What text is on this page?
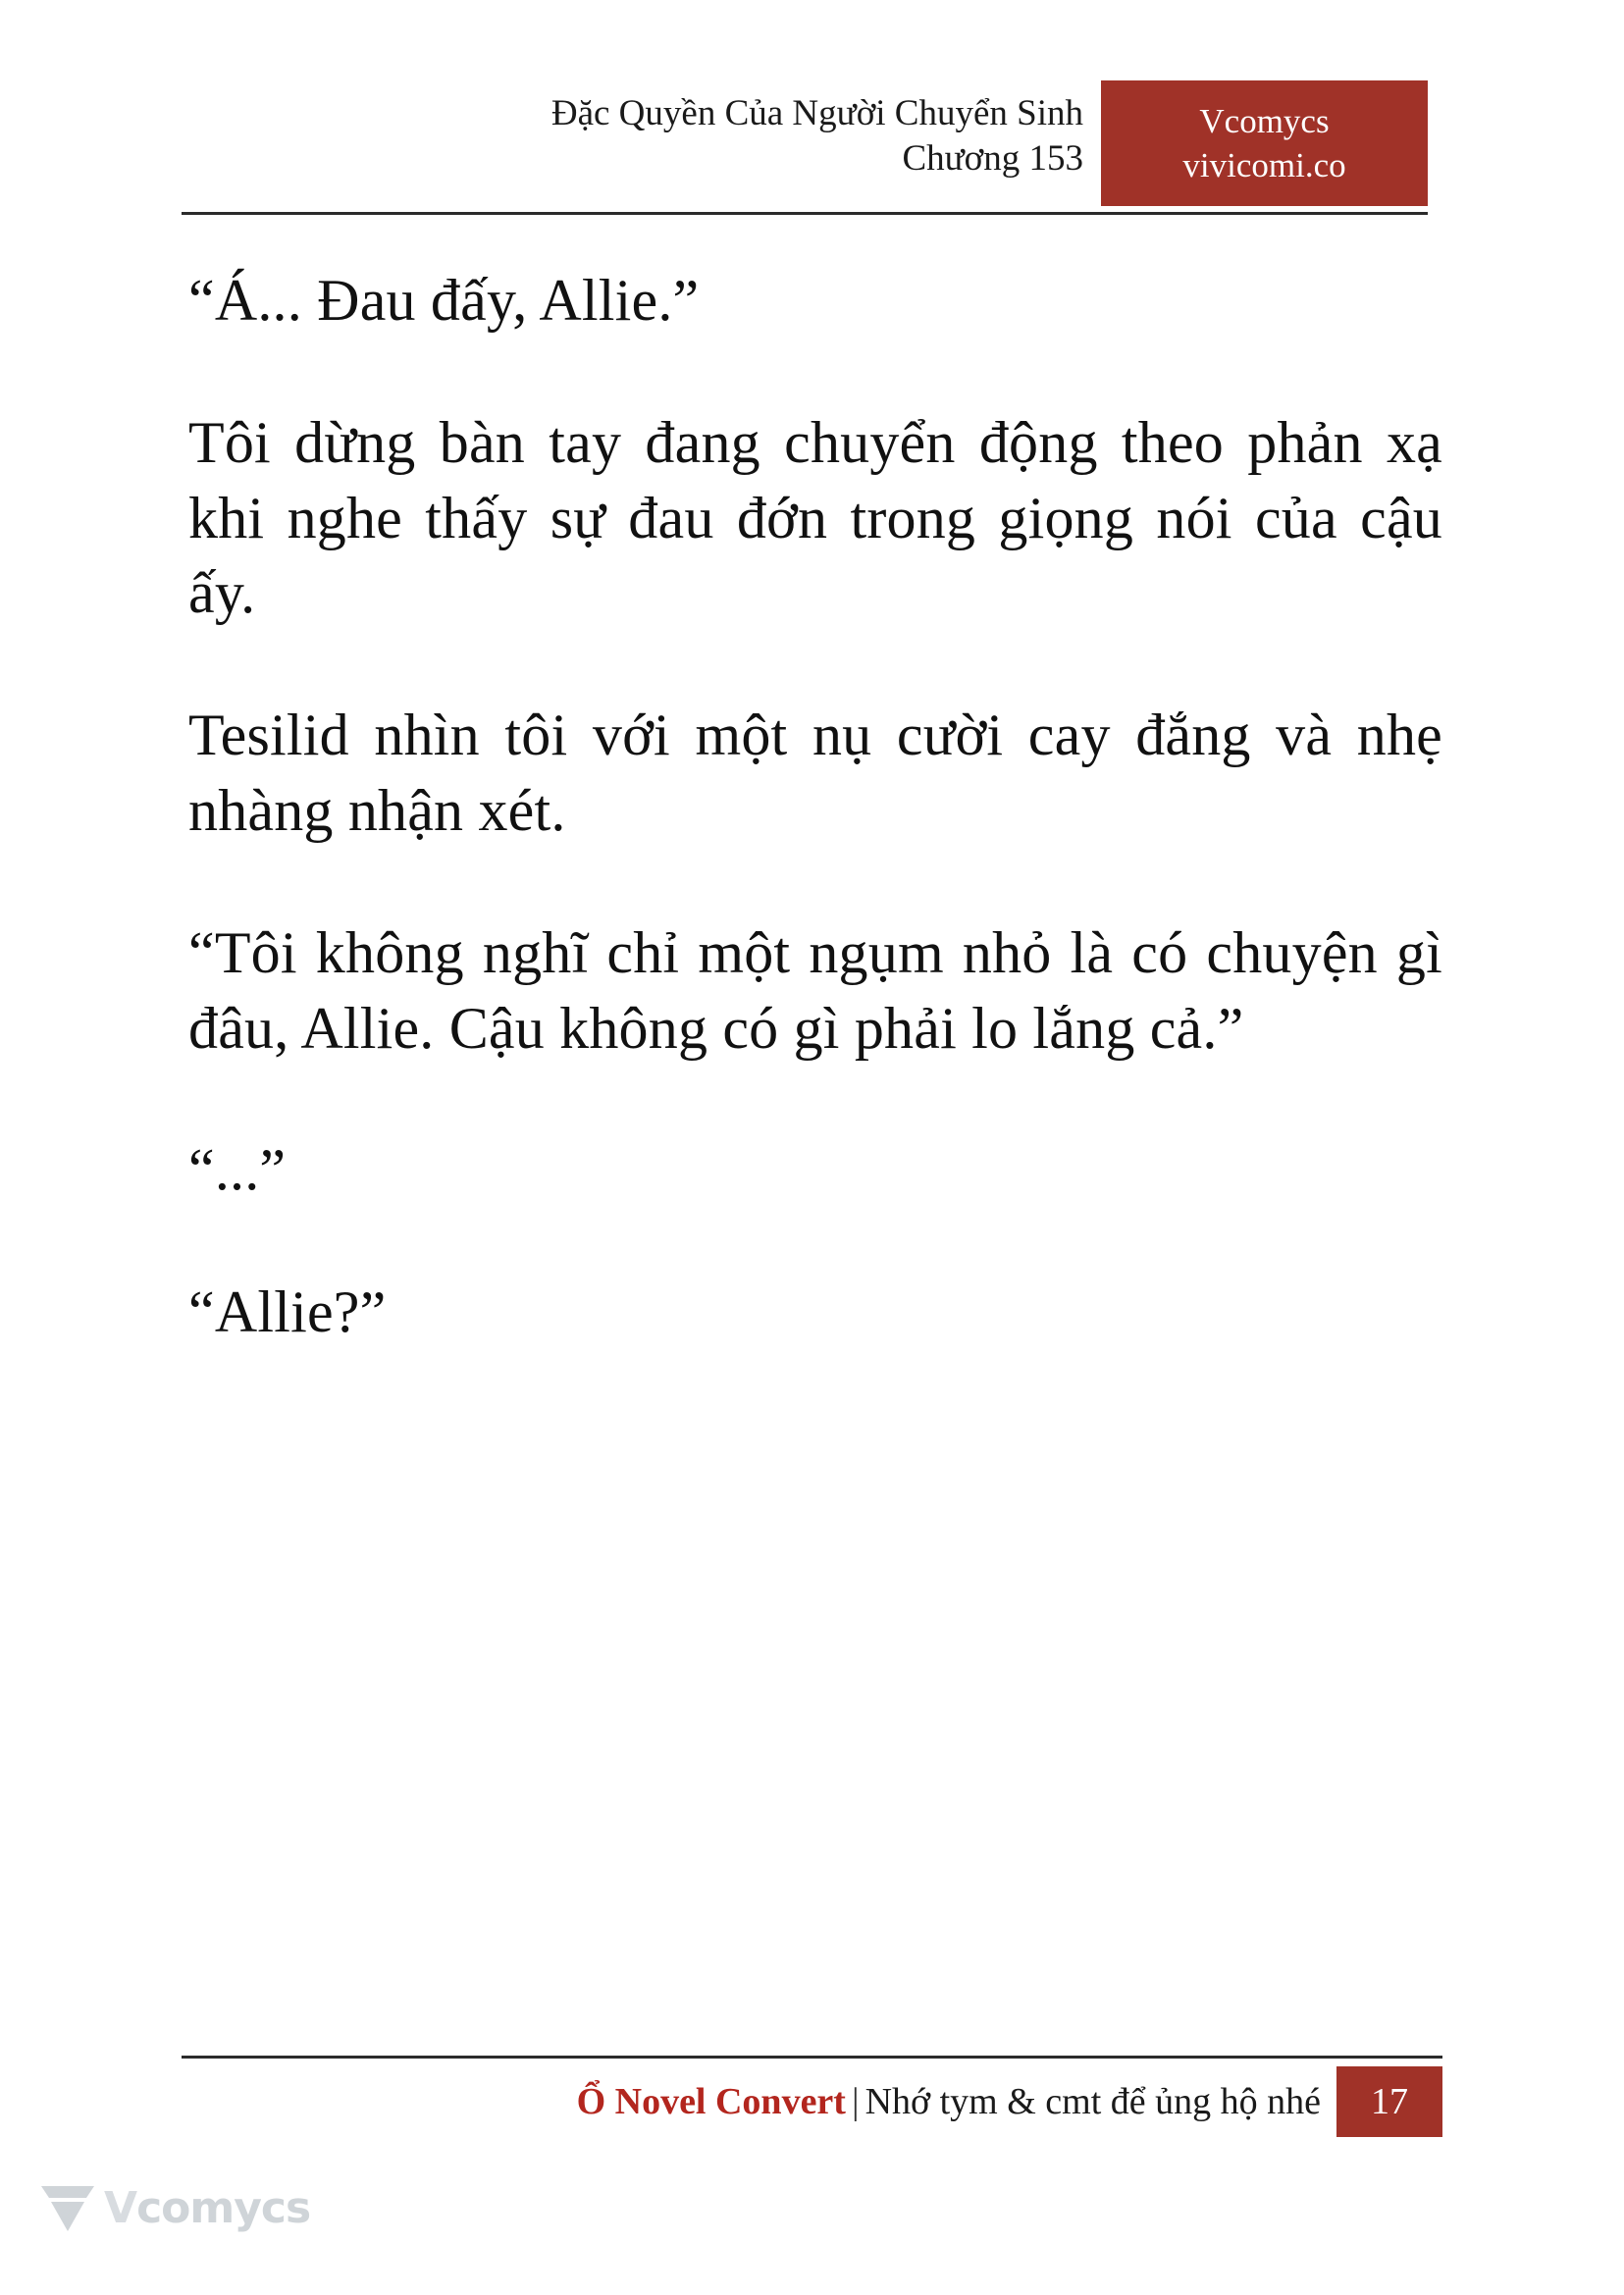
Đặc Quyền Của Người Chuyển Sinh
Chương 153
Vcomycs
vivicomi.co

“Á... Đau đấy, Allie.”

Tôi dừng bàn tay đang chuyển động theo phản xạ khi nghe thấy sự đau đớn trong giọng nói của cậu ấy.

Tesilid nhìn tôi với một nụ cười cay đắng và nhẹ nhàng nhận xét.

“Tôi không nghĩ chỉ một ngụm nhỏ là có chuyện gì đâu, Allie. Cậu không có gì phải lo lắng cả.”

“...”

“Allie?”

Ổ Novel Convert | Nhớ tym & cmt để ủng hộ nhé	17
Vcomycs
